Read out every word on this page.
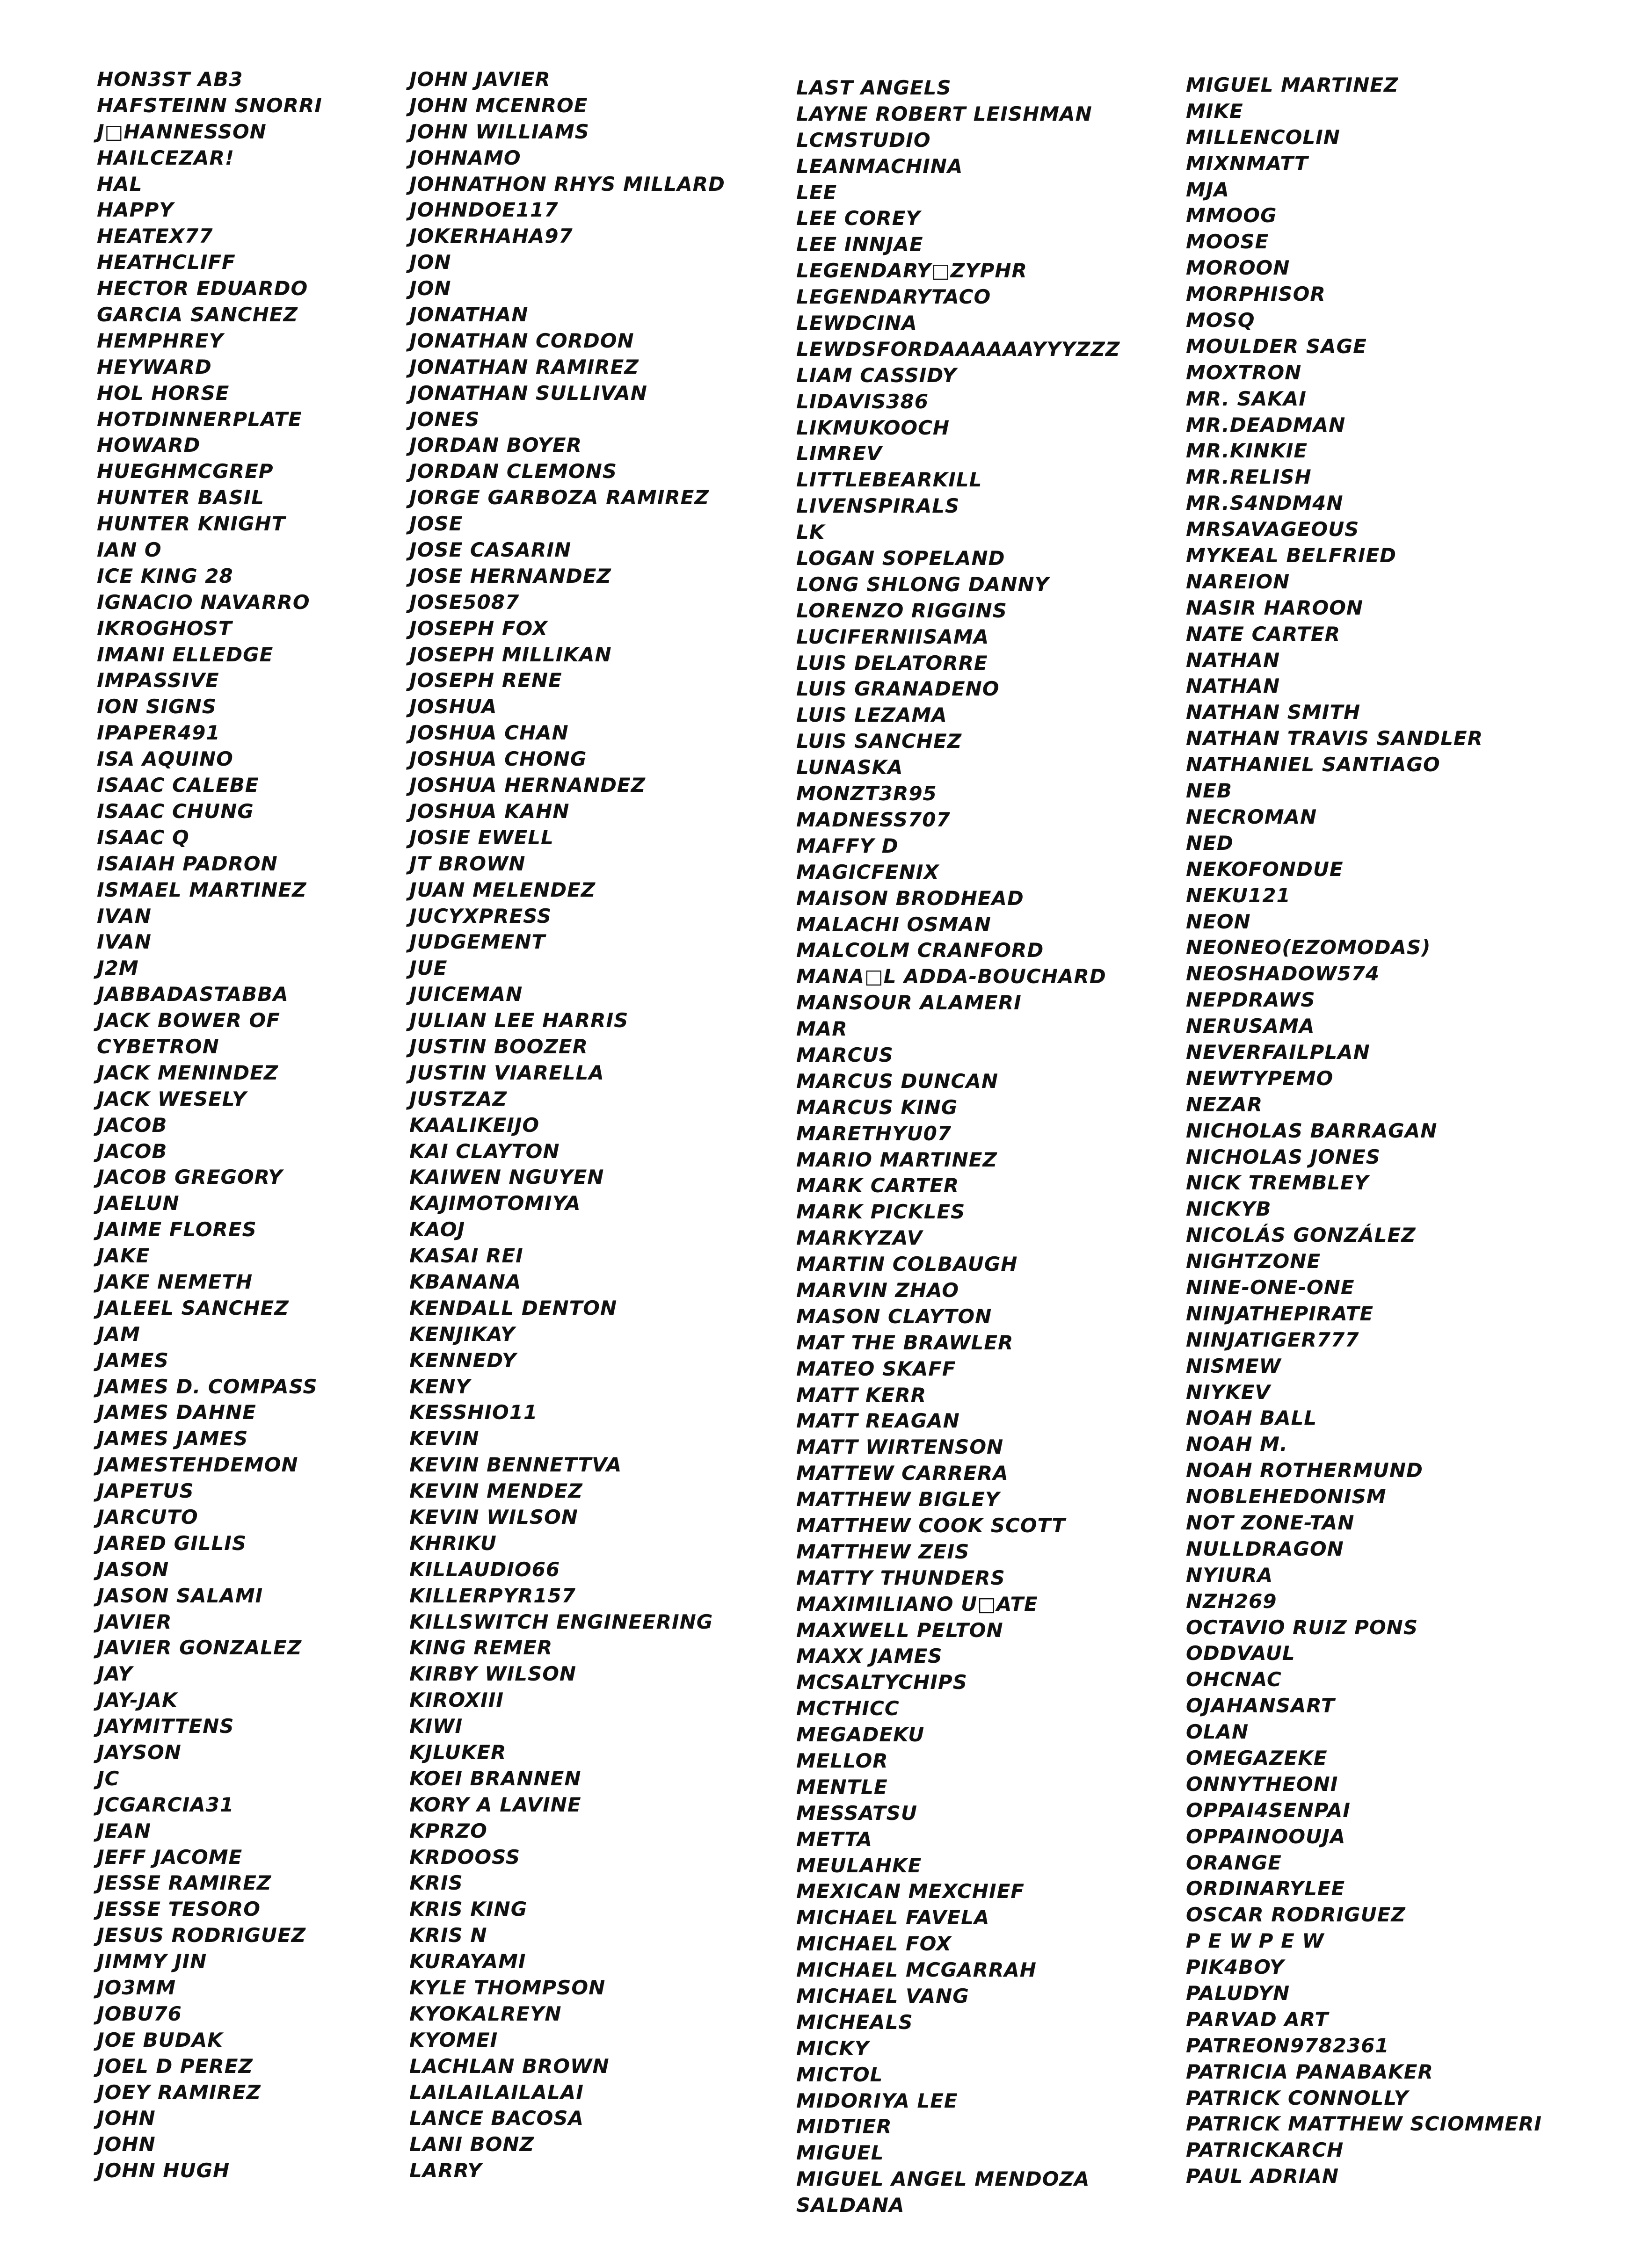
HON3ST AB3
HAFSTEINN SNORRI
J□HANNESSON
HAILCEZAR!
HAL
HAPPY
HEATEX77
HEATHCLIFF
HECTOR EDUARDO
GARCIA SANCHEZ
HEMPHREY
HEYWARD
HOL HORSE
HOTDINNERPLATE
HOWARD
HUEGHMCGREP
HUNTER BASIL
HUNTER KNIGHT
IAN O
ICE KING 28
IGNACIO NAVARRO
IKROGHOST
IMANI ELLEDGE
IMPASSIVE
ION SIGNS
IPAPER491
ISA AQUINO
ISAAC CALEBE
ISAAC CHUNG
ISAAC Q
ISAIAH PADRON
ISMAEL MARTINEZ
IVAN
IVAN
J2M
JABBADASTABBA
JACK BOWER OF
CYBETRON
JACK MENINDEZ
JACK WESELY
JACOB
JACOB
JACOB GREGORY
JAELUN
JAIME FLORES
JAKE
JAKE NEMETH
JALEEL SANCHEZ
JAM
JAMES
JAMES D. COMPASS
JAMES DAHNE
JAMES JAMES
JAMESTEHDEMON
JAPETUS
JARCUTO
JARED GILLIS
JASON
JASON SALAMI
JAVIER
JAVIER GONZALEZ
JAY
JAY-JAK
JAYMITTENS
JAYSON
JC
JCGARCIA31
JEAN
JEFF JACOME
JESSE RAMIREZ
JESSE TESORO
JESUS RODRIGUEZ
JIMMY JIN
JO3MM
JOBU76
JOE BUDAK
JOEL D PEREZ
JOEY RAMIREZ
JOHN
JOHN
JOHN HUGH
JOHN JAVIER
JOHN MCENROE
JOHN WILLIAMS
JOHNAMO
JOHNATHON RHYS MILLARD
JOHNDOE117
JOKERHAHA97
JON
JON
JONATHAN
JONATHAN CORDON
JONATHAN RAMIREZ
JONATHAN SULLIVAN
JONES
JORDAN BOYER
JORDAN CLEMONS
JORGE GARBOZA RAMIREZ
JOSE
JOSE CASARIN
JOSE HERNANDEZ
JOSE5087
JOSEPH FOX
JOSEPH MILLIKAN
JOSEPH RENE
JOSHUA
JOSHUA CHAN
JOSHUA CHONG
JOSHUA HERNANDEZ
JOSHUA KAHN
JOSIE EWELL
JT BROWN
JUAN MELENDEZ
JUCYXPRESS
JUDGEMENT
JUE
JUICEMAN
JULIAN LEE HARRIS
JUSTIN BOOZER
JUSTIN VIARELLA
JUSTZAZ
KAALIKEIJO
KAI CLAYTON
KAIWEN NGUYEN
KAJIMOTOMIYA
KAOJ
KASAI REI
KBANANA
KENDALL DENTON
KENJIKAY
KENNEDY
KENY
KESSHIO11
KEVIN
KEVIN BENNETTVA
KEVIN MENDEZ
KEVIN WILSON
KHRIKU
KILLAUDIO66
KILLERPYR157
KILLSWITCH ENGINEERING
KING REMER
KIRBY WILSON
KIROXIII
KIWI
KJLUKER
KOEI BRANNEN
KORY A LAVINE
KPRZO
KRDOOSS
KRIS
KRIS KING
KRIS N
KURAYAMI
KYLE THOMPSON
KYOKALREYN
KYOMEI
LACHLAN BROWN
LAILAILAILALAI
LANCE BACOSA
LANI BONZ
LARRY
LAST ANGELS
LAYNE ROBERT LEISHMAN
LCMSTUDIO
LEANMACHINA
LEE
LEE COREY
LEE INNJAE
LEGENDARY□ZYPHR
LEGENDARYTACO
LEWDCINA
LEWDSFORDAAAAAAYYYZZZ
LIAM CASSIDY
LIDAVIS386
LIKMUKOOCH
LIMREV
LITTLEBEARKILL
LIVENSPIRALS
LK
LOGAN SOPELAND
LONG SHLONG DANNY
LORENZO RIGGINS
LUCIFERNIISAMA
LUIS DELATORRE
LUIS GRANADENO
LUIS LEZAMA
LUIS SANCHEZ
LUNASKA
MONZT3R95
MADNESS707
MAFFY D
MAGICFENIX
MAISON BRODHEAD
MALACHI OSMAN
MALCOLM CRANFORD
MANA□L ADDA-BOUCHARD
MANSOUR ALAMERI
MAR
MARCUS
MARCUS DUNCAN
MARCUS KING
MARETHYU07
MARIO MARTINEZ
MARK CARTER
MARK PICKLES
MARKYZAV
MARTIN COLBAUGH
MARVIN ZHAO
MASON CLAYTON
MAT THE BRAWLER
MATEO SKAFF
MATT KERR
MATT REAGAN
MATT WIRTENSON
MATTEW CARRERA
MATTHEW BIGLEY
MATTHEW COOK SCOTT
MATTHEW ZEIS
MATTY THUNDERS
MAXIMILIANO U□ATE
MAXWELL PELTON
MAXX JAMES
MCSALTYCHIPS
MCTHICC
MEGADEKU
MELLOR
MENTLE
MESSATSU
METTA
MEULAHKE
MEXICAN MEXCHIEF
MICHAEL FAVELA
MICHAEL FOX
MICHAEL MCGARRAH
MICHAEL VANG
MICHEALS
MICKY
MICTOL
MIDORIYA LEE
MIDTIER
MIGUEL
MIGUEL ANGEL MENDOZA
SALDANA
MIGUEL MARTINEZ
MIKE
MILLENCOLIN
MIXNMATT
MJA
MMOOG
MOOSE
MOROON
MORPHISOR
MOSQ
MOULDER SAGE
MOXTRON
MR. SAKAI
MR.DEADMAN
MR.KINKIE
MR.RELISH
MR.S4NDM4N
MRSAVAGEOUS
MYKEAL BELFRIED
NAREION
NASIR HAROON
NATE CARTER
NATHAN
NATHAN
NATHAN SMITH
NATHAN TRAVIS SANDLER
NATHANIEL SANTIAGO
NEB
NECROMAN
NED
NEKOFONDUE
NEKU121
NEON
NEONEO(EZOMODAS)
NEOSHADOW574
NEPDRAWS
NERUSAMA
NEVERFAILPLAN
NEWTYPEMO
NEZAR
NICHOLAS BARRAGAN
NICHOLAS JONES
NICK TREMBLEY
NICKYB
NICOLÁS GONZÁLEZ
NIGHTZONE
NINE-ONE-ONE
NINJATHEPIRATE
NINJATIGER777
NISMEW
NIYKEV
NOAH BALL
NOAH M.
NOAH ROTHERMUND
NOBLEHEDONISM
NOT ZONE-TAN
NULLDRAGON
NYIURA
NZH269
OCTAVIO RUIZ PONS
ODDVAUL
OHCNAC
OJAHANSART
OLAN
OMEGAZEKE
ONNYTHEONI
OPPAI4SENPAI
OPPAINOOUJA
ORANGE
ORDINARYLEE
OSCAR RODRIGUEZ
P E W P E W
PIK4BOY
PALUDYN
PARVAD ART
PATREON9782361
PATRICIA PANABAKER
PATRICK CONNOLLY
PATRICK MATTHEW SCIOMMERI
PATRICKARCH
PAUL ADRIAN
